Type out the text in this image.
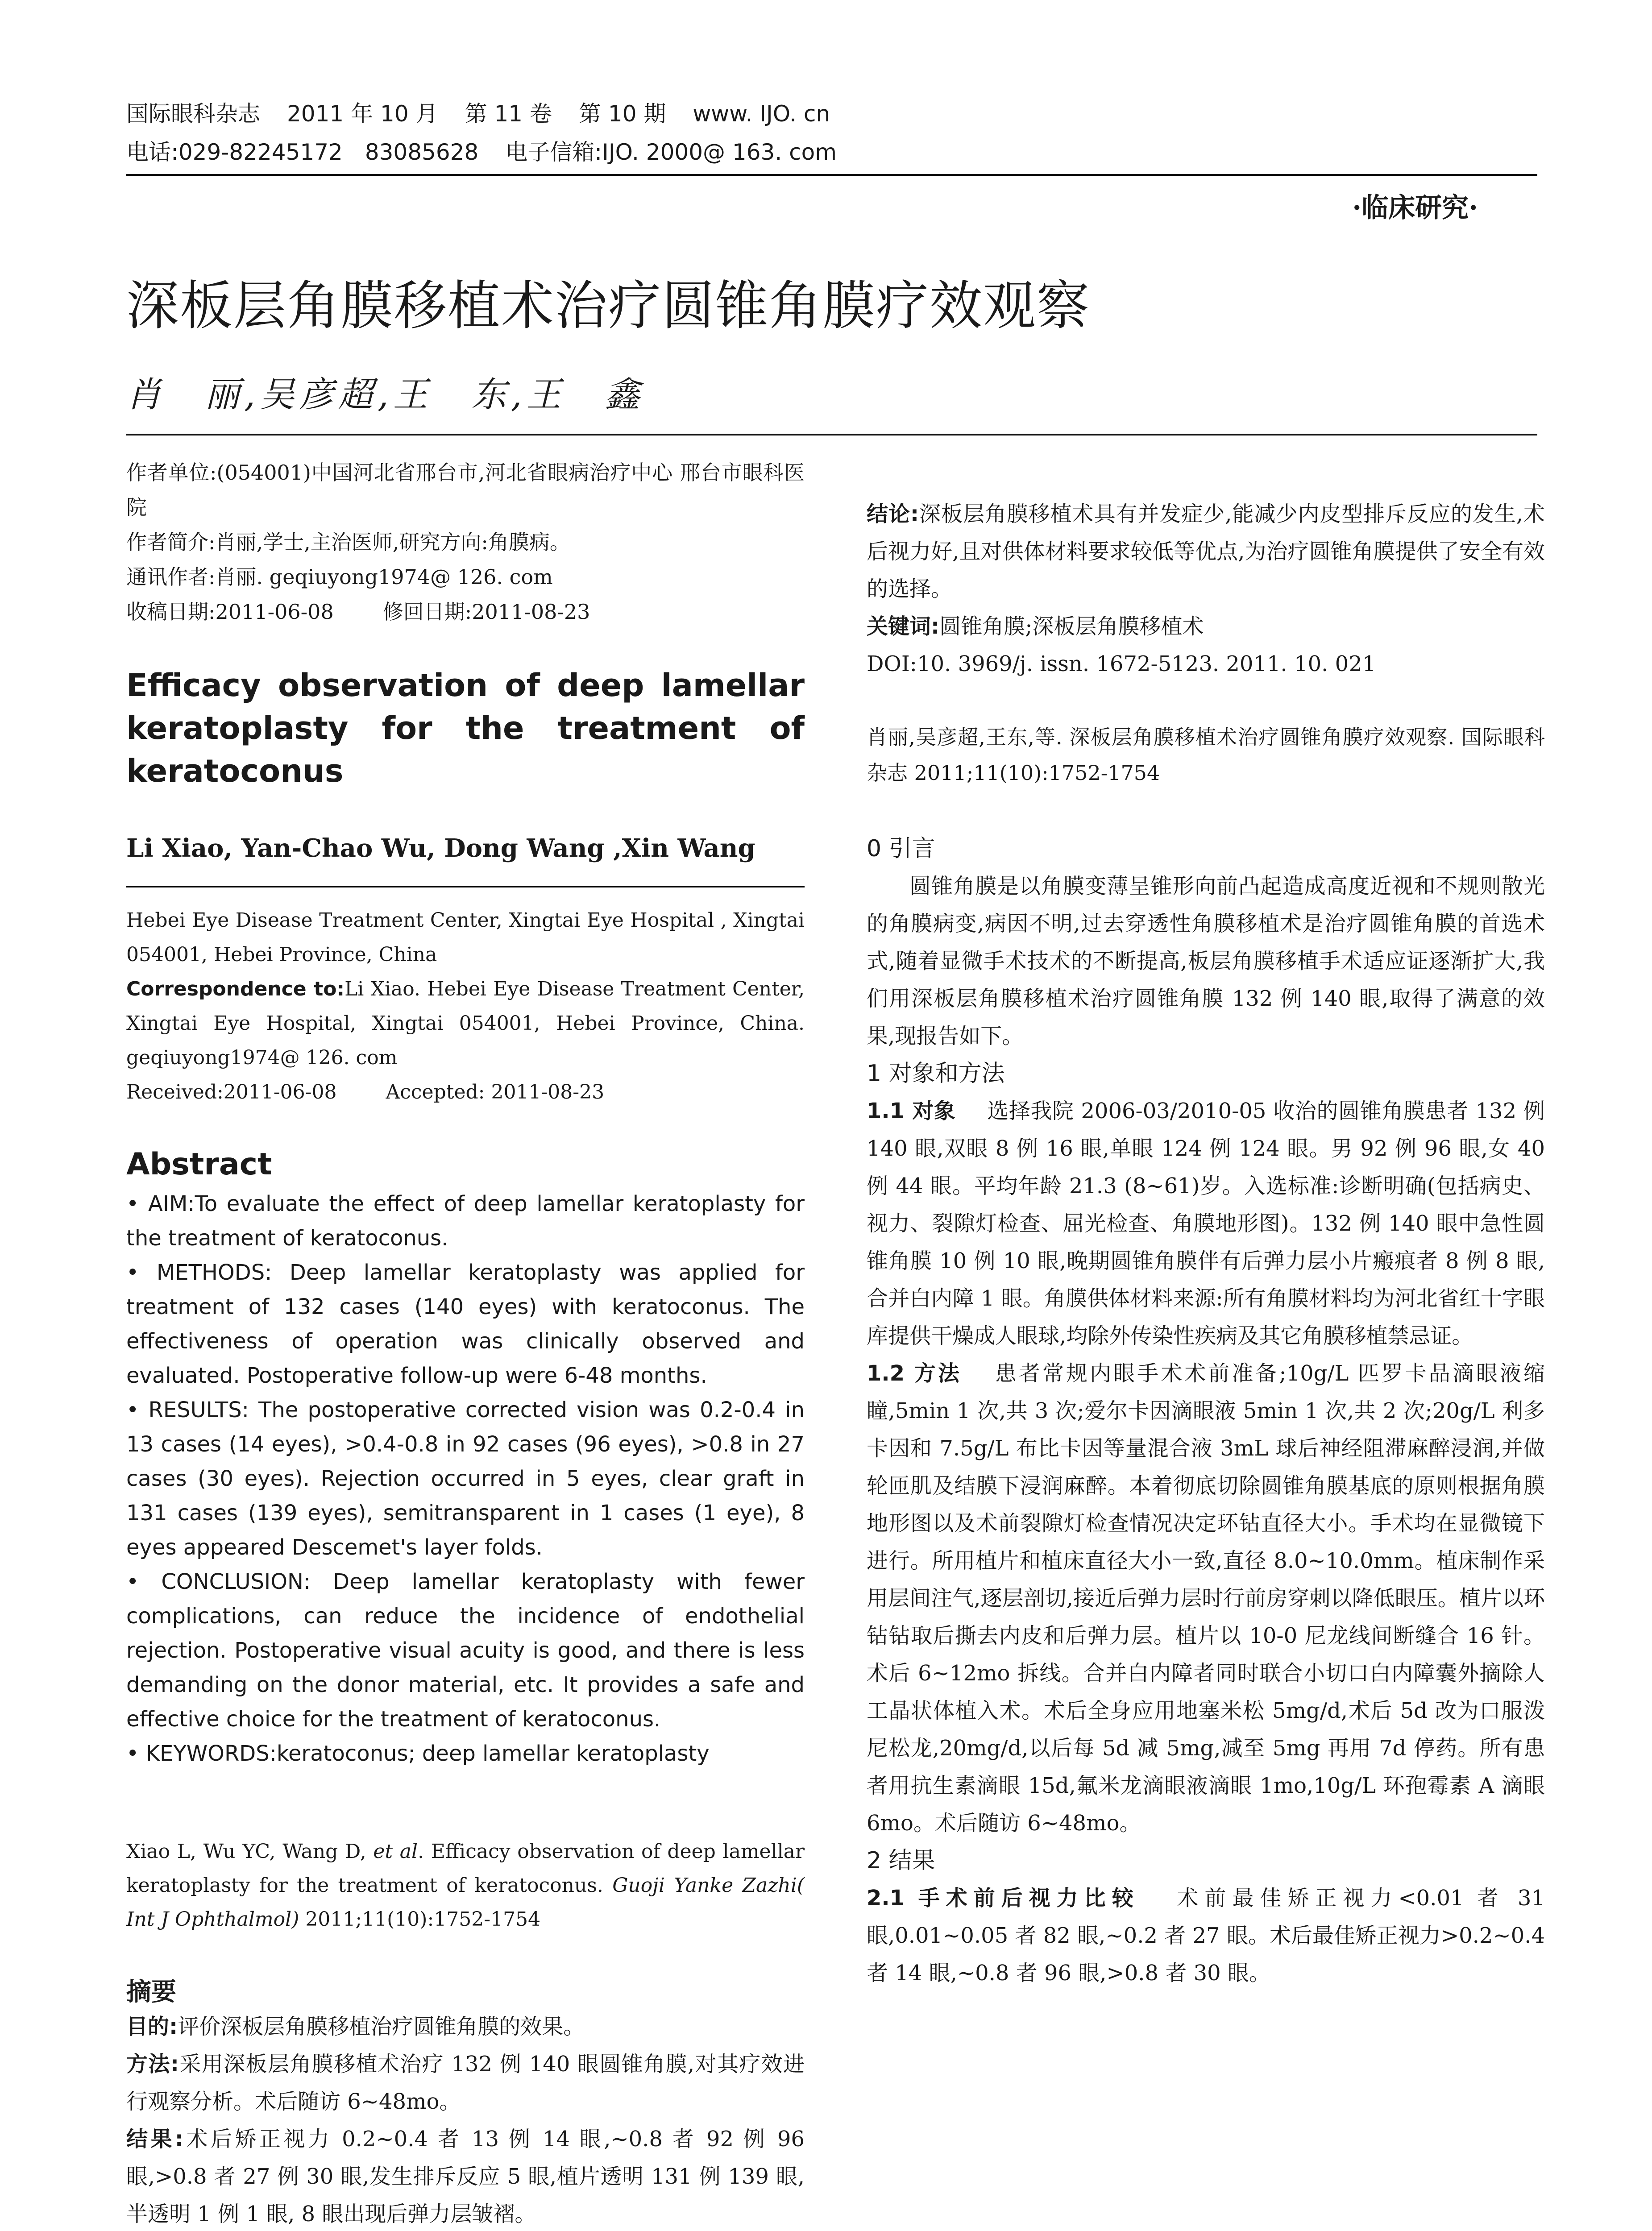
国际眼科杂志 2011 年 10 月 第 11 卷 第 10 期 www. IJO. cn
电话:029-82245172　83085628 电子信箱:IJO. 2000@ 163. com
·临床研究·
深板层角膜移植术治疗圆锥角膜疗效观察
肖　丽,吴彦超,王　东,王　鑫

作者单位:(054001)中国河北省邢台市,河北省眼病治疗中心 邢台市眼科医院

作者简介:肖丽,学士,主治医师,研究方向:角膜病。

通讯作者:肖丽. geqiuyong1974@ 126. com

收稿日期:2011-06-08 修回日期:2011-08-23

Efficacy observation of deep lamellar keratoplasty for the treatment of keratoconus
Li Xiao, Yan-Chao Wu, Dong Wang ,Xin Wang

Hebei Eye Disease Treatment Center, Xingtai Eye Hospital , Xingtai 054001, Hebei Province, China

Correspondence to:Li Xiao. Hebei Eye Disease Treatment Center, Xingtai Eye Hospital, Xingtai 054001, Hebei Province, China. geqiuyong1974@ 126. com

Received:2011-06-08	Accepted: 2011-08-23

Abstract

• AIM:To evaluate the effect of deep lamellar keratoplasty for the treatment of keratoconus.

• METHODS: Deep lamellar keratoplasty was applied for treatment of 132 cases (140 eyes) with keratoconus. The effectiveness of operation was clinically observed and evaluated. Postoperative follow-up were 6-48 months.

• RESULTS: The postoperative corrected vision was 0.2-0.4 in 13 cases (14 eyes), >0.4-0.8 in 92 cases (96 eyes), >0.8 in 27 cases (30 eyes). Rejection occurred in 5 eyes, clear graft in 131 cases (139 eyes), semitransparent in 1 cases (1 eye), 8 eyes appeared Descemet's layer folds.

• CONCLUSION: Deep lamellar keratoplasty with fewer complications, can reduce the incidence of endothelial rejection. Postoperative visual acuity is good, and there is less demanding on the donor material, etc. It provides a safe and effective choice for the treatment of keratoconus.

• KEYWORDS:keratoconus; deep lamellar keratoplasty

Xiao L, Wu YC, Wang D, et al. Efficacy observation of deep lamellar keratoplasty for the treatment of keratoconus. Guoji Yanke Zazhi( Int J Ophthalmol) 2011;11(10):1752-1754
摘要

目的:评价深板层角膜移植治疗圆锥角膜的效果。

方法:采用深板层角膜移植术治疗 132 例 140 眼圆锥角膜,对其疗效进行观察分析。术后随访 6~48mo。

结果:术后矫正视力 0.2~0.4 者 13 例 14 眼,~0.8 者 92 例 96 眼,>0.8 者 27 例 30 眼,发生排斥反应 5 眼,植片透明 131 例 139 眼,半透明 1 例 1 眼, 8 眼出现后弹力层皱褶。

结论:深板层角膜移植术具有并发症少,能减少内皮型排斥反应的发生,术后视力好,且对供体材料要求较低等优点,为治疗圆锥角膜提供了安全有效的选择。

关键词:圆锥角膜;深板层角膜移植术

DOI:10. 3969/j. issn. 1672-5123. 2011. 10. 021

肖丽,吴彦超,王东,等. 深板层角膜移植术治疗圆锥角膜疗效观察. 国际眼科杂志 2011;11(10):1752-1754

0 引言

圆锥角膜是以角膜变薄呈锥形向前凸起造成高度近视和不规则散光的角膜病变,病因不明,过去穿透性角膜移植术是治疗圆锥角膜的首选术式,随着显微手术技术的不断提高,板层角膜移植手术适应证逐渐扩大,我们用深板层角膜移植术治疗圆锥角膜 132 例 140 眼,取得了满意的效果,现报告如下。

1 对象和方法

1.1 对象 选择我院 2006-03/2010-05 收治的圆锥角膜患者 132 例 140 眼,双眼 8 例 16 眼,单眼 124 例 124 眼。男 92 例 96 眼,女 40 例 44 眼。平均年龄 21.3 (8~61)岁。入选标准:诊断明确(包括病史、视力、裂隙灯检查、屈光检查、角膜地形图)。132 例 140 眼中急性圆锥角膜 10 例 10 眼,晚期圆锥角膜伴有后弹力层小片瘢痕者 8 例 8 眼,合并白内障 1 眼。角膜供体材料来源:所有角膜材料均为河北省红十字眼库提供干燥成人眼球,均除外传染性疾病及其它角膜移植禁忌证。

1.2 方法 患者常规内眼手术术前准备;10g/L 匹罗卡品滴眼液缩瞳,5min 1 次,共 3 次;爱尔卡因滴眼液 5min 1 次,共 2 次;20g/L 利多卡因和 7.5g/L 布比卡因等量混合液 3mL 球后神经阻滞麻醉浸润,并做轮匝肌及结膜下浸润麻醉。本着彻底切除圆锥角膜基底的原则根据角膜地形图以及术前裂隙灯检查情况决定环钻直径大小。手术均在显微镜下进行。所用植片和植床直径大小一致,直径 8.0~10.0mm。植床制作采用层间注气,逐层剖切,接近后弹力层时行前房穿刺以降低眼压。植片以环钻钻取后撕去内皮和后弹力层。植片以 10-0 尼龙线间断缝合 16 针。术后 6~12mo 拆线。合并白内障者同时联合小切口白内障囊外摘除人工晶状体植入术。术后全身应用地塞米松 5mg/d,术后 5d 改为口服泼尼松龙,20mg/d,以后每 5d 减 5mg,减至 5mg 再用 7d 停药。所有患者用抗生素滴眼 15d,氟米龙滴眼液滴眼 1mo,10g/L 环孢霉素 A 滴眼 6mo。术后随访 6~48mo。

2 结果

2.1 手术前后视力比较 术前最佳矫正视力<0.01 者 31 眼,0.01~0.05 者 82 眼,~0.2 者 27 眼。术后最佳矫正视力>0.2~0.4 者 14 眼,~0.8 者 96 眼,>0.8 者 30 眼。
